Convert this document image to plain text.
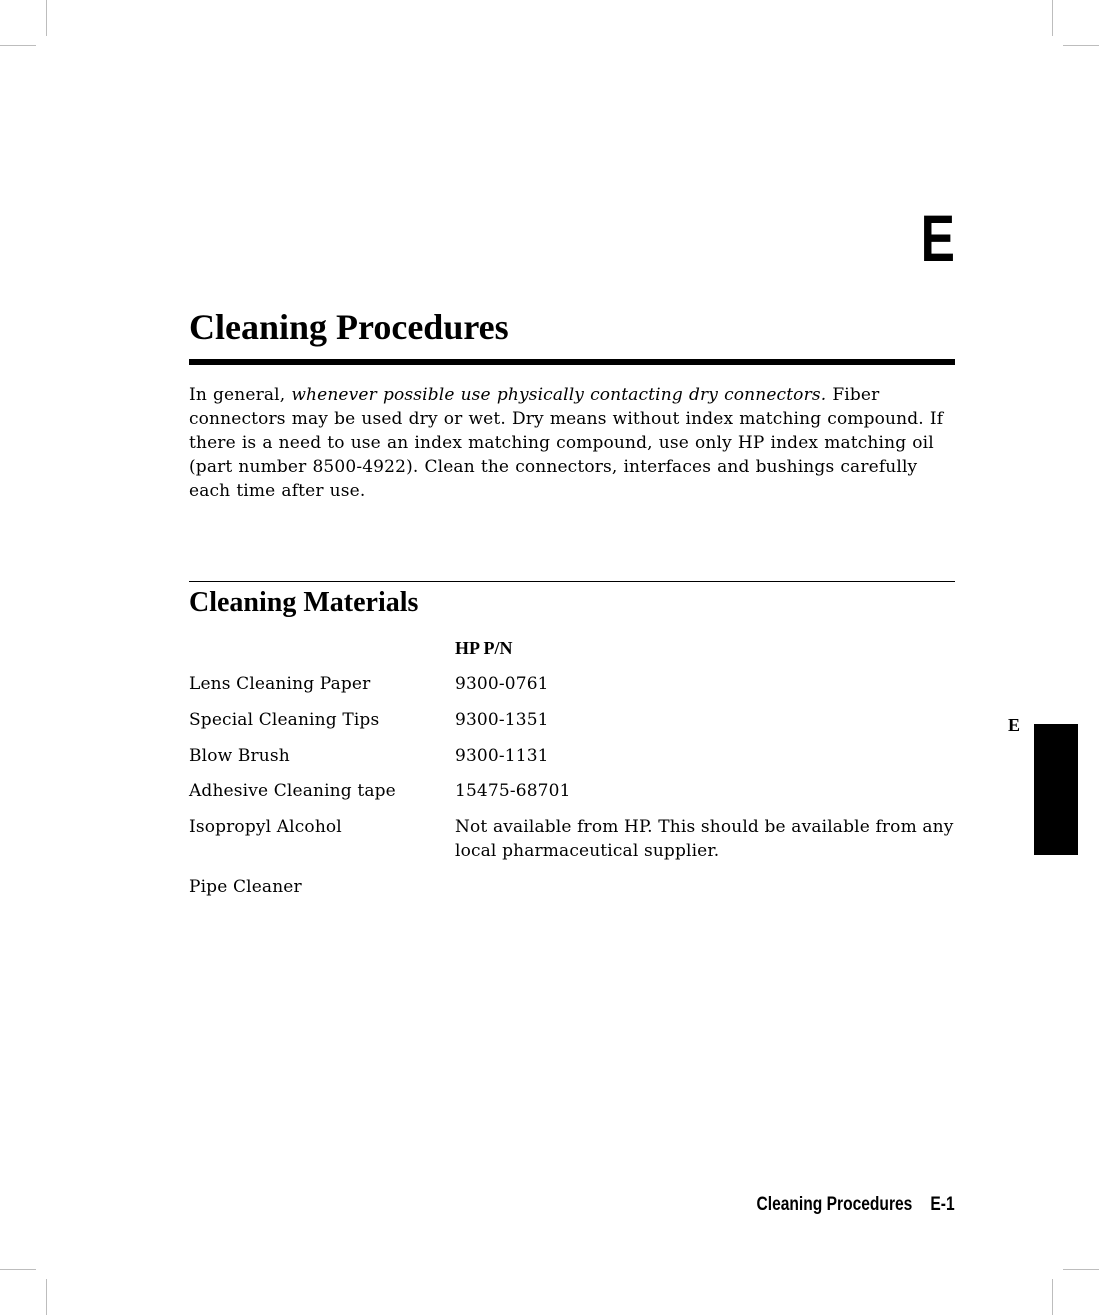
E
Cleaning Procedures

In general, whenever possible use physically contacting dry connectors. Fiber connectors may be used dry or wet. Dry means without index matching compound. If there is a need to use an index matching compound, use only HP index matching oil (part number 8500-4922). Clean the connectors, interfaces and bushings carefully each time after use.

Cleaning Materials
HP P/N
Lens Cleaning Paper	9300-0761
Special Cleaning Tips	9300-1351
Blow Brush	9300-1131
Adhesive Cleaning tape	15475-68701
Isopropyl Alcohol	Not available from HP. This should be available from any local pharmaceutical supplier.
Pipe Cleaner
E
Cleaning Procedures E-1
